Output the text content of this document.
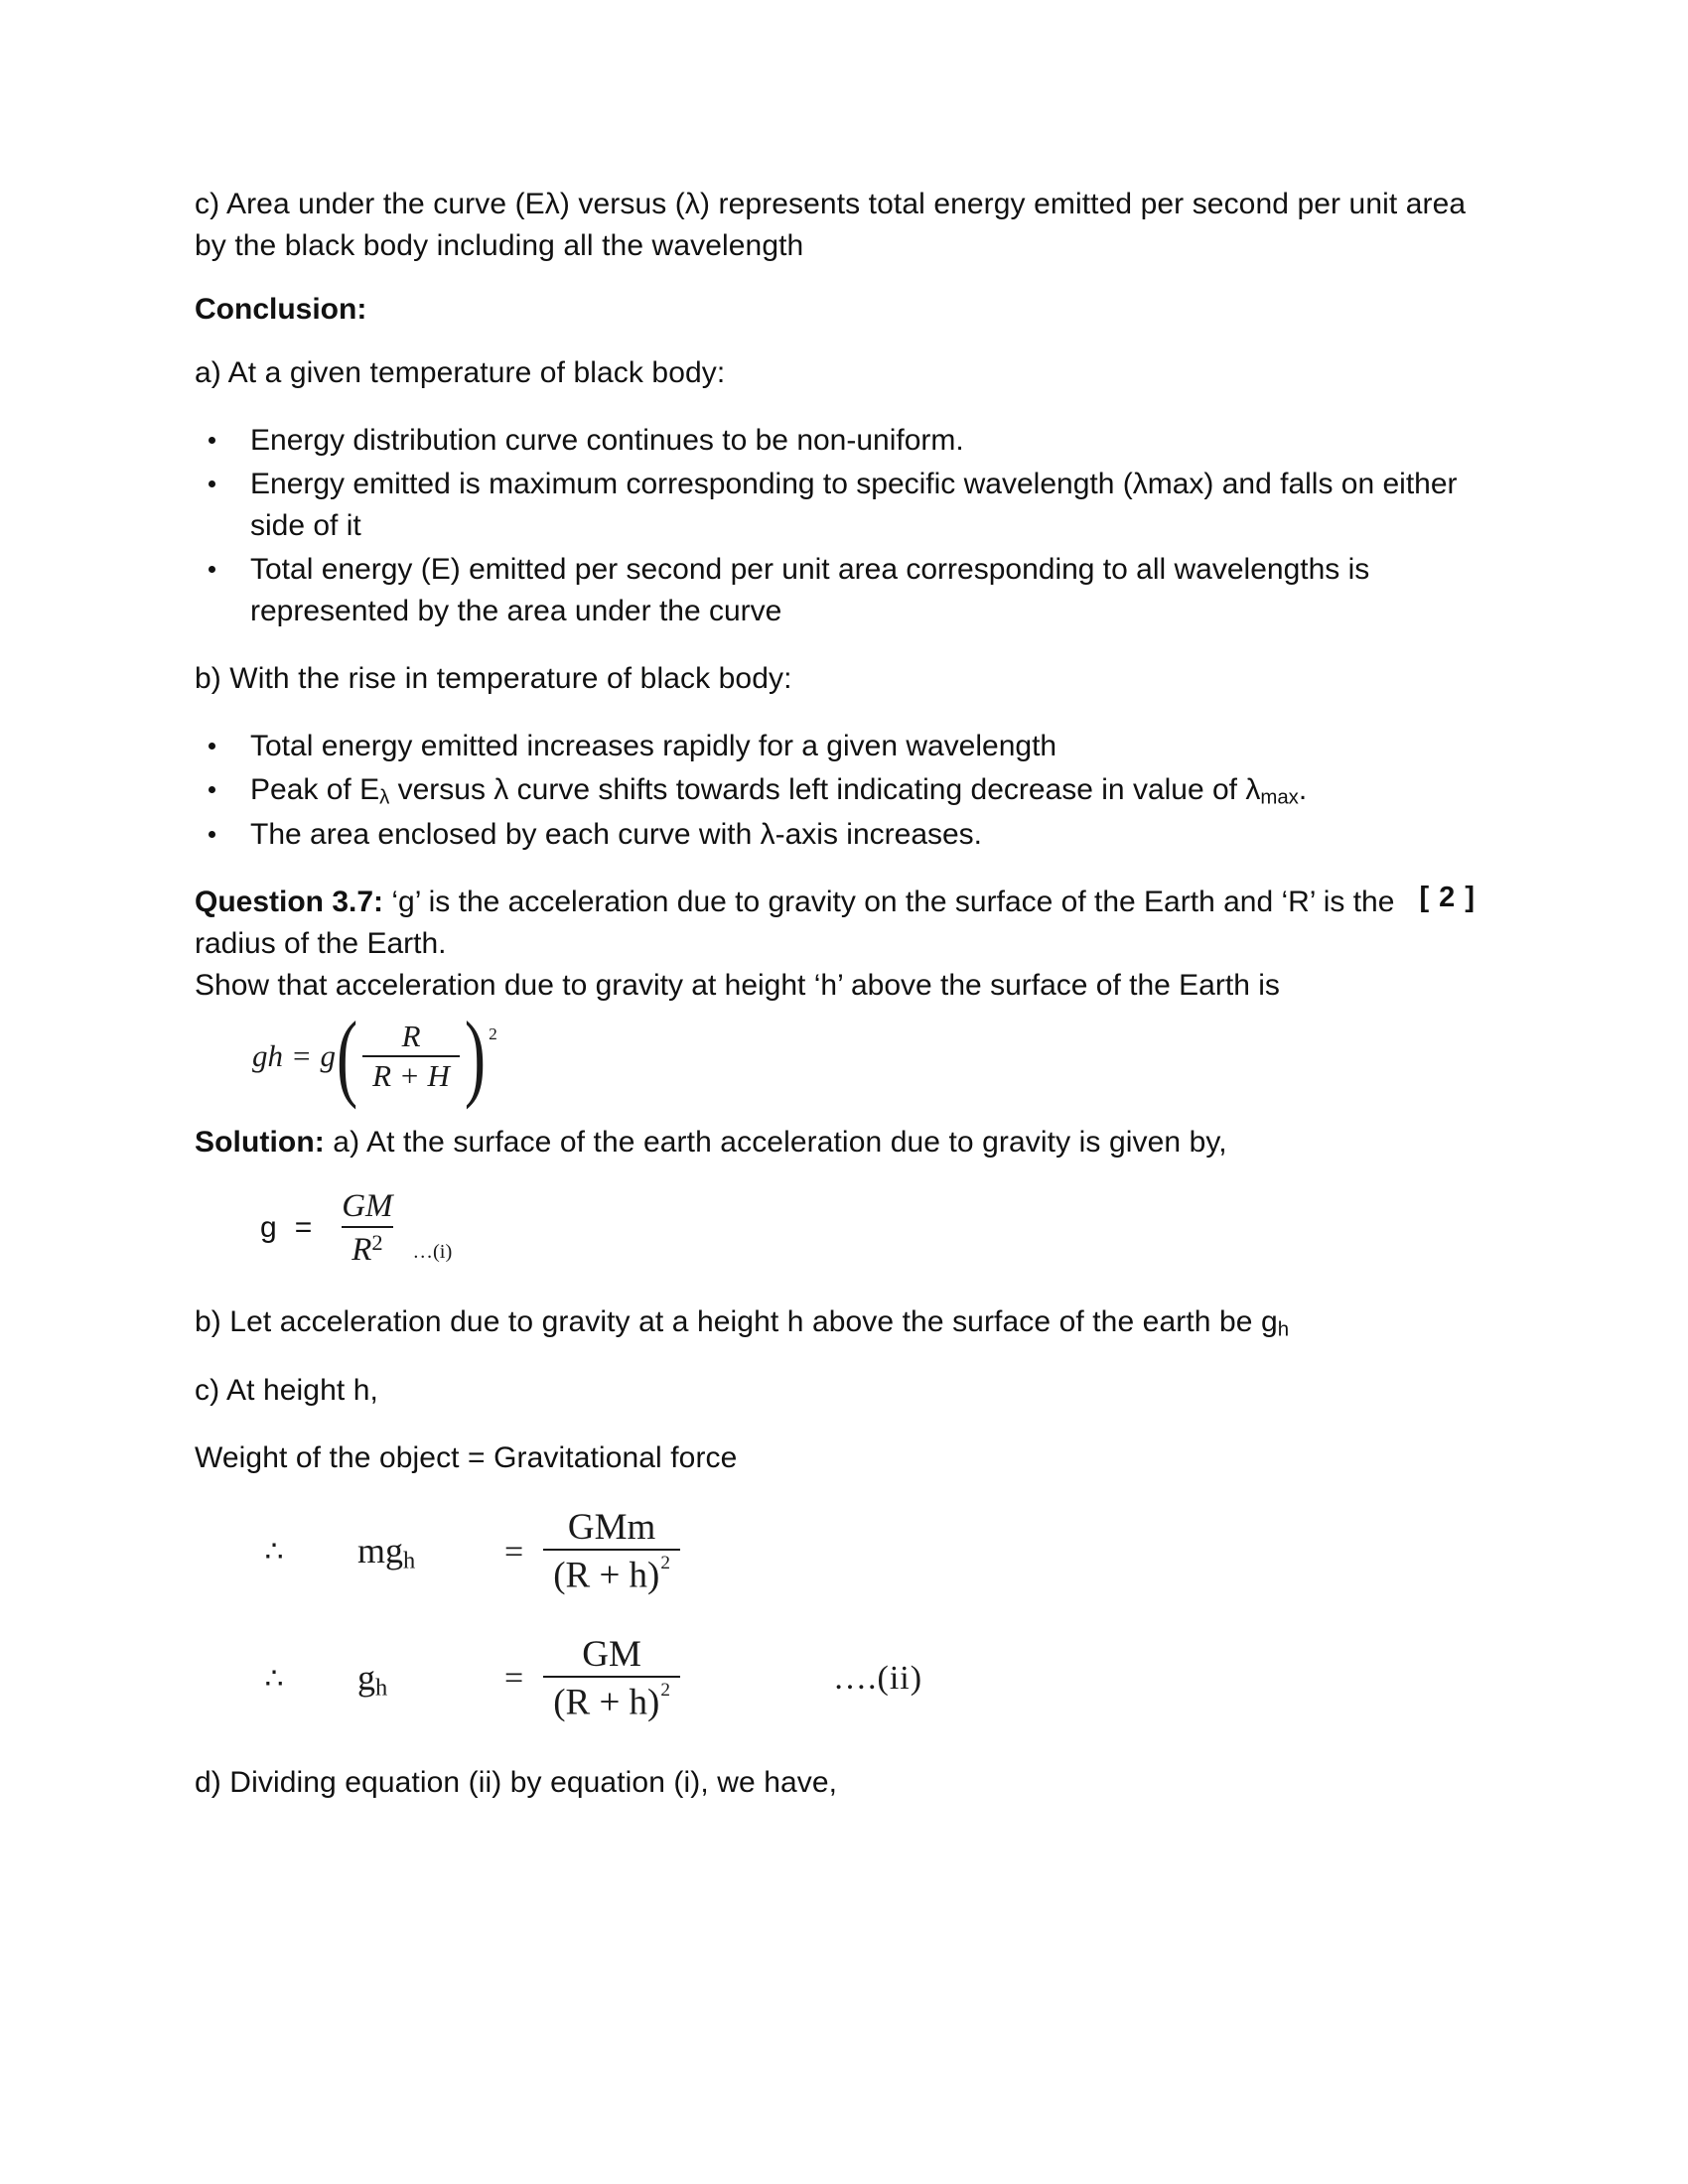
c) Area under the curve (Eλ) versus (λ) represents total energy emitted per second per unit area by the black body including all the wavelength

Conclusion:

a) At a given temperature of black body:

Energy distribution curve continues to be non-uniform.
Energy emitted is maximum corresponding to specific wavelength (λmax) and falls on either side of it
Total energy (E) emitted per second per unit area corresponding to all wavelengths is represented by the area under the curve

b) With the rise in temperature of black body:

Total energy emitted increases rapidly for a given wavelength
Peak of $E_\lambda$ versus λ curve shifts towards left indicating decrease in value of $\lambda_{max}$.
The area enclosed by each curve with λ-axis increases.
Question 3.7: ‘g’ is the acceleration due to gravity on the surface of the Earth and ‘R’ is the radius of the Earth.
[ 2 ]
Show that acceleration due to gravity at height ‘h’ above the surface of the Earth is
gh = g ( $\frac{R}{R + H}$ ) 2

Solution: a) At the surface of the earth acceleration due to gravity is given by,

$g = \frac{GM}{R^2}$ …(i)

b) Let acceleration due to gravity at a height h above the surface of the earth be $g_h$

c) At height h,

Weight of the object = Gravitational force

∴	$mg_h$	= $\frac{\text{GMm}}{(R + h)^2}$
∴	$g_h$	= $\frac{GM}{(R + h)^2}$	….(ii)

d) Dividing equation (ii) by equation (i), we have,
